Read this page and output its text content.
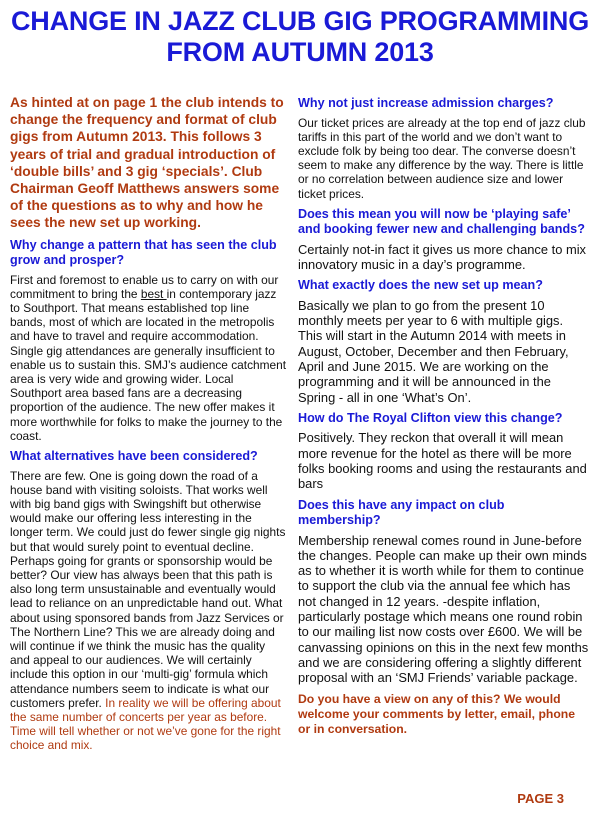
CHANGE IN JAZZ CLUB GIG PROGRAMMING
FROM AUTUMN 2013

As hinted at on page 1 the club intends to change the frequency and format of club gigs from Autumn 2013. This follows 3 years of trial and gradual introduction of ‘double bills’ and 3 gig ‘specials’. Club Chairman Geoff Matthews answers some of the questions as to why and how he sees the new set up working.

Why change a pattern that has seen the club grow and prosper?

First and foremost to enable us to carry on with our commitment to bring the best in contemporary jazz to Southport. That means established top line bands, most of which are located in the metropolis and have to travel and require accommodation. Single gig attendances are generally insufficient to enable us to sustain this. SMJ’s audience catchment area is very wide and growing wider. Local Southport area based fans are a decreasing proportion of the audience. The new offer makes it more worthwhile for folks to make the journey to the coast.

What alternatives have been considered?

There are few. One is going down the road of a house band with visiting soloists. That works well with big band gigs with Swingshift but otherwise would make our offering less interesting in the longer term. We could just do fewer single gig nights but that would surely point to eventual decline. Perhaps going for grants or sponsorship would be better? Our view has always been that this path is also long term unsustainable and eventually would lead to reliance on an unpredictable hand out. What about using sponsored bands from Jazz Services or The Northern Line? This we are already doing and will continue if we think the music has the quality and appeal to our audiences. We will certainly include this option in our ‘multi-gig’ formula which attendance numbers seem to indicate is what our customers prefer. In reality we will be offering about the same number of concerts per year as before. Time will tell whether or not we’ve gone for the right choice and mix.

Why not just increase admission charges?

Our ticket prices are already at the top end of jazz club tariffs in this part of the world and we don’t want to exclude folk by being too dear. The converse doesn’t seem to make any difference by the way. There is little or no correlation between audience size and lower ticket prices.

Does this mean you will now be ‘playing safe’ and booking fewer new and challenging bands?

Certainly not-in fact it gives us more chance to mix innovatory music in a day’s programme.

What exactly does the new set up mean?

Basically we plan to go from the present 10 monthly meets per year to 6 with multiple gigs. This will start in the Autumn 2014 with meets in August, October, December and then February, April and June 2015. We are working on the programming and it will be announced in the Spring - all in one ‘What’s On’.

How do The Royal Clifton view this change?

Positively. They reckon that overall it will mean more revenue for the hotel as there will be more folks booking rooms and using the restaurants and bars

Does this have any impact on club membership?

Membership renewal comes round in June-before the changes. People can make up their own minds as to whether it is worth while for them to continue to support the club via the annual fee which has not changed in 12 years. -despite inflation, particularly postage which means one round robin to our mailing list now costs over £600. We will be canvassing opinions on this in the next few months and we are considering offering a slightly different proposal with an ‘SMJ Friends’ variable package.

Do you have a view on any of this? We would welcome your comments by letter, email, phone or in conversation.

PAGE 3
